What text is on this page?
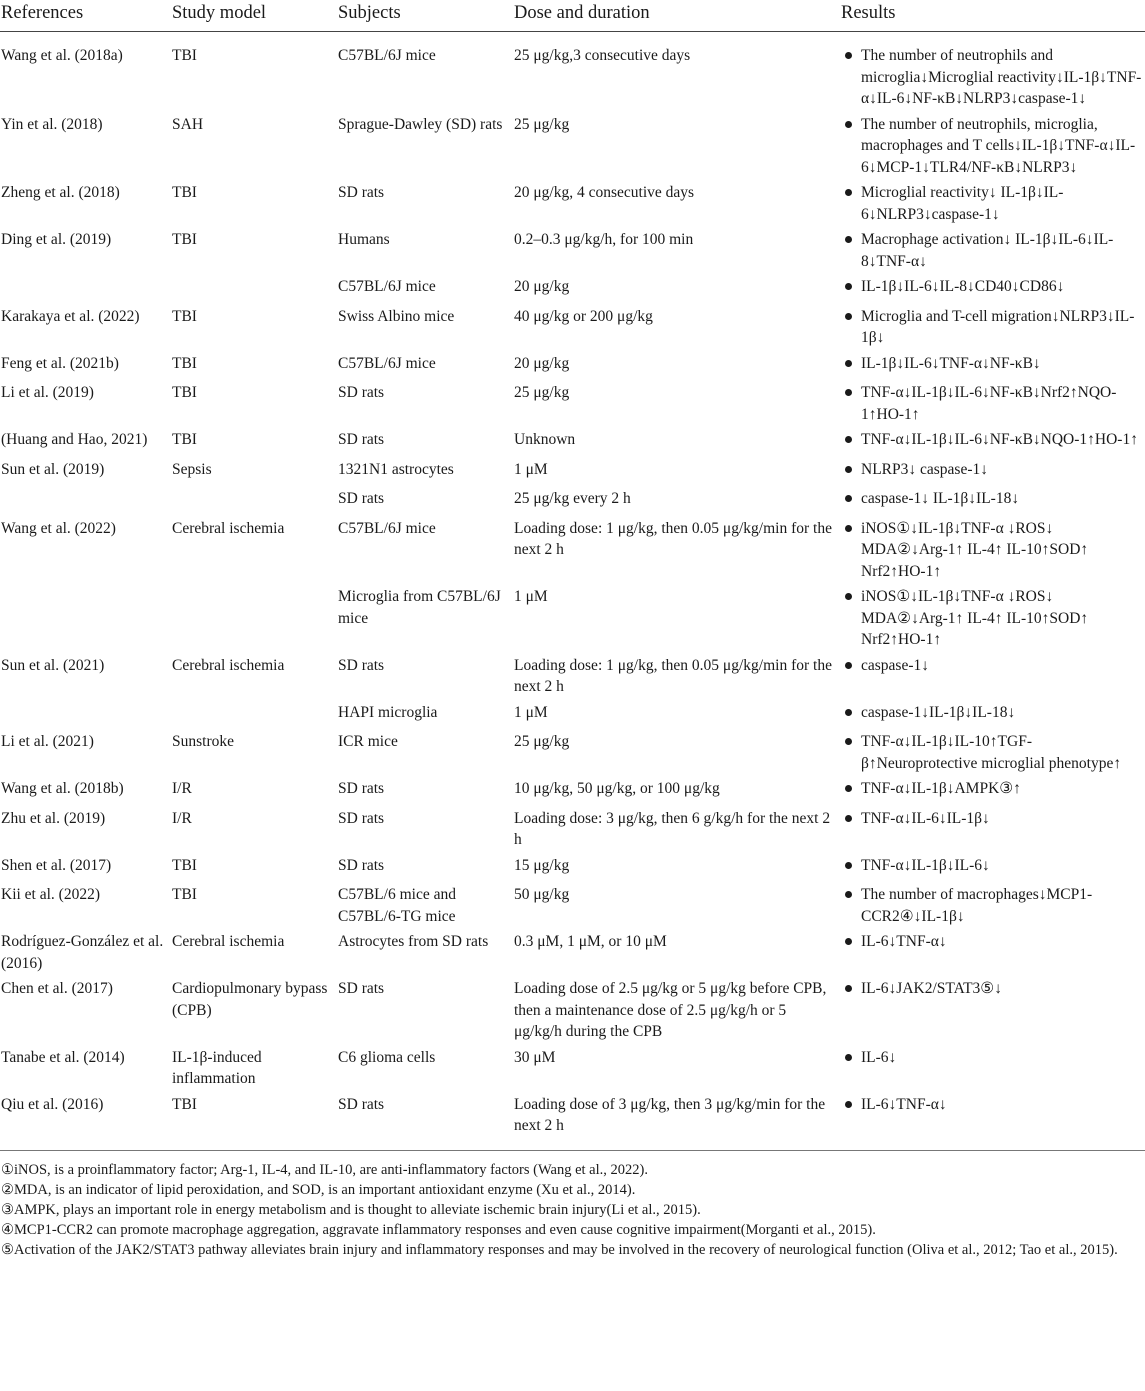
References	Study model	Subjects	Dose and duration	Results

Wang et al. (2018a)	TBI	C57BL/6J mice	25 μg/kg,3 consecutive days	The number of neutrophils and microglia↓Microglial reactivity↓IL-1β↓TNF-α↓IL-6↓NF-κB↓NLRP3↓caspase-1↓

Yin et al. (2018)	SAH	Sprague-Dawley (SD) rats	25 μg/kg	The number of neutrophils, microglia, macrophages and T cells↓IL-1β↓TNF-α↓IL-6↓MCP-1↓TLR4/NF-κB↓NLRP3↓

Zheng et al. (2018)	TBI	SD rats	20 μg/kg, 4 consecutive days	Microglial reactivity↓ IL-1β↓IL-6↓NLRP3↓caspase-1↓

Ding et al. (2019)	TBI	Humans	0.2–0.3 μg/kg/h, for 100 min	Macrophage activation↓ IL-1β↓IL-6↓IL-8↓TNF-α↓

		C57BL/6J mice	20 μg/kg	IL-1β↓IL-6↓IL-8↓CD40↓CD86↓

Karakaya et al. (2022)	TBI	Swiss Albino mice	40 μg/kg or 200 μg/kg	Microglia and T-cell migration↓NLRP3↓IL-1β↓

Feng et al. (2021b)	TBI	C57BL/6J mice	20 μg/kg	IL-1β↓IL-6↓TNF-α↓NF-κB↓

Li et al. (2019)	TBI	SD rats	25 μg/kg	TNF-α↓IL-1β↓IL-6↓NF-κB↓Nrf2↑NQO-1↑HO-1↑

(Huang and Hao, 2021)	TBI	SD rats	Unknown	TNF-α↓IL-1β↓IL-6↓NF-κB↓NQO-1↑HO-1↑

Sun et al. (2019)	Sepsis	1321N1 astrocytes	1 μM	NLRP3↓ caspase-1↓

		SD rats	25 μg/kg every 2 h	caspase-1↓ IL-1β↓IL-18↓

Wang et al. (2022)	Cerebral ischemia	C57BL/6J mice	Loading dose: 1 μg/kg, then 0.05 μg/kg/min for the next 2 h	iNOS①↓IL-1β↓TNF-α ↓ROS↓ MDA②↓Arg-1↑ IL-4↑ IL-10↑SOD↑ Nrf2↑HO-1↑

		Microglia from C57BL/6J mice	1 μM	iNOS①↓IL-1β↓TNF-α ↓ROS↓ MDA②↓Arg-1↑ IL-4↑ IL-10↑SOD↑ Nrf2↑HO-1↑

Sun et al. (2021)	Cerebral ischemia	SD rats	Loading dose: 1 μg/kg, then 0.05 μg/kg/min for the next 2 h	caspase-1↓

		HAPI microglia	1 μM	caspase-1↓IL-1β↓IL-18↓

Li et al. (2021)	Sunstroke	ICR mice	25 μg/kg	TNF-α↓IL-1β↓IL-10↑TGF-β↑Neuroprotective microglial phenotype↑

Wang et al. (2018b)	I/R	SD rats	10 μg/kg, 50 μg/kg, or 100 μg/kg	TNF-α↓IL-1β↓AMPK③↑

Zhu et al. (2019)	I/R	SD rats	Loading dose: 3 μg/kg, then 6 g/kg/h for the next 2 h	TNF-α↓IL-6↓IL-1β↓

Shen et al. (2017)	TBI	SD rats	15 μg/kg	TNF-α↓IL-1β↓IL-6↓

Kii et al. (2022)	TBI	C57BL/6 mice and C57BL/6-TG mice	50 μg/kg	The number of macrophages↓MCP1-CCR2④↓IL-1β↓

Rodríguez-González et al. (2016)	Cerebral ischemia	Astrocytes from SD rats	0.3 μM, 1 μM, or 10 μM	IL-6↓TNF-α↓

Chen et al. (2017)	Cardiopulmonary bypass (CPB)	SD rats	Loading dose of 2.5 μg/kg or 5 μg/kg before CPB, then a maintenance dose of 2.5 μg/kg/h or 5 μg/kg/h during the CPB	IL-6↓JAK2/STAT3⑤↓

Tanabe et al. (2014)	IL-1β-induced inflammation	C6 glioma cells	30 μM	IL-6↓

Qiu et al. (2016)	TBI	SD rats	Loading dose of 3 μg/kg, then 3 μg/kg/min for the next 2 h	IL-6↓TNF-α↓

①iNOS, is a proinflammatory factor; Arg-1, IL-4, and IL-10, are anti-inflammatory factors (Wang et al., 2022).

②MDA, is an indicator of lipid peroxidation, and SOD, is an important antioxidant enzyme (Xu et al., 2014).

③AMPK, plays an important role in energy metabolism and is thought to alleviate ischemic brain injury(Li et al., 2015).

④MCP1-CCR2 can promote macrophage aggregation, aggravate inflammatory responses and even cause cognitive impairment(Morganti et al., 2015).

⑤Activation of the JAK2/STAT3 pathway alleviates brain injury and inflammatory responses and may be involved in the recovery of neurological function (Oliva et al., 2012; Tao et al., 2015).
